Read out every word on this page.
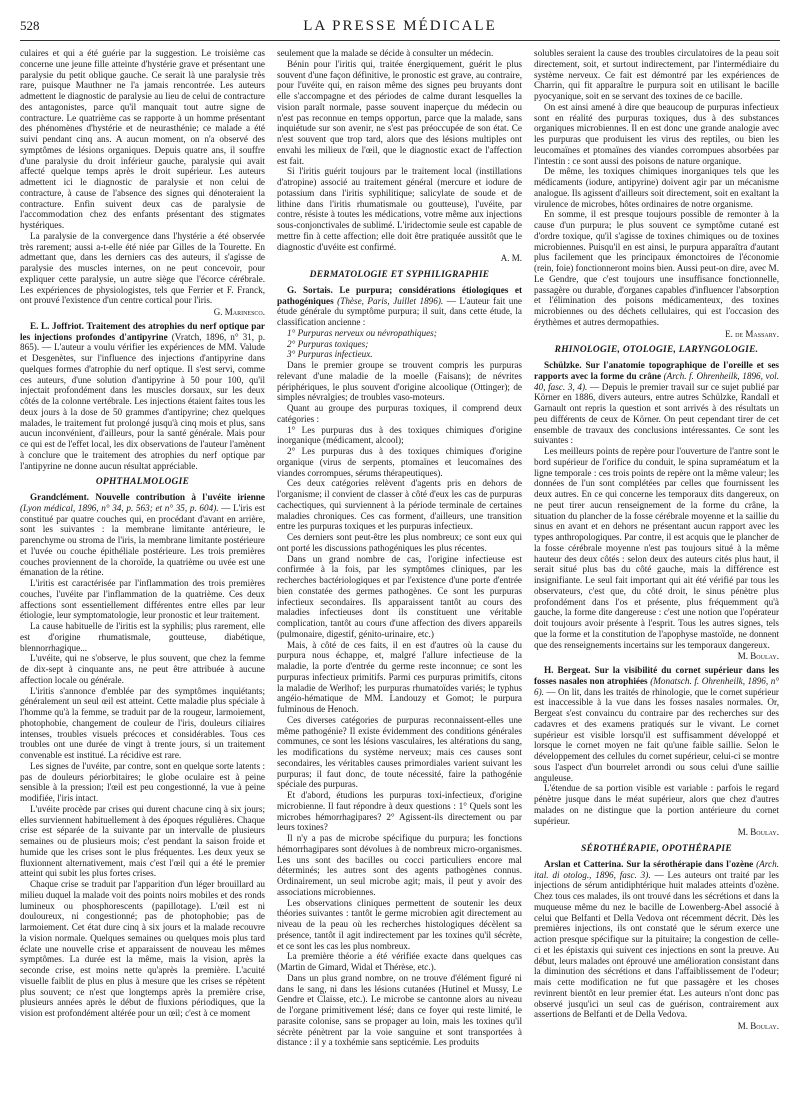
528	LA PRESSE MÉDICALE

culaires et qui a été guérie par la suggestion. Le troisième cas concerne une jeune fille atteinte d'hystérie grave et présentant une paralysie du petit oblique gauche. Ce serait là une paralysie très rare, puisque Mauthner ne l'a jamais rencontrée. Les auteurs admettent le diagnostic de paralysie au lieu de celui de contracture des antagonistes, parce qu'il manquait tout autre signe de contracture. Le quatrième cas se rapporte à un homme présentant des phénomènes d'hystérie et de neurasthénie; ce malade a été suivi pendant cinq ans. A aucun moment, on n'a observé des symptômes de lésions organiques. Depuis quatre ans, il souffre d'une paralysie du droit inférieur gauche, paralysie qui avait affecté quelque temps après le droit supérieur. Les auteurs admettent ici le diagnostic de paralysie et non celui de contracture, à cause de l'absence des signes qui dénoteraient la contracture. Enfin suivent deux cas de paralysie de l'accommodation chez des enfants présentant des stigmates hystériques.

La paralysie de la convergence dans l'hystérie a été observée très rarement; aussi a-t-elle été niée par Gilles de la Tourette. En admettant que, dans les derniers cas des auteurs, il s'agisse de paralysie des muscles internes, on ne peut concevoir, pour expliquer cette paralysie, un autre siège que l'écorce cérébrale. Les expériences de physiologistes, tels que Ferrier et F. Franck, ont prouvé l'existence d'un centre cortical pour l'iris.

G. Marinesco.

E. L. Joffriot. Traitement des atrophies du nerf optique par les injections profondes d'antipyrine (Vratch, 1896, n° 31, p. 865). — L'auteur a voulu vérifier les expériences de MM. Valude et Desgenètes, sur l'influence des injections d'antipyrine dans quelques formes d'atrophie du nerf optique. Il s'est servi, comme ces auteurs, d'une solution d'antipyrine à 50 pour 100, qu'il injectait profondément dans les muscles dorsaux, sur les deux côtés de la colonne vertébrale. Les injections étaient faites tous les deux jours à la dose de 50 grammes d'antipyrine; chez quelques malades, le traitement fut prolongé jusqu'à cinq mois et plus, sans aucun inconvénient, d'ailleurs, pour la santé générale. Mais pour ce qui est de l'effet local, les dix observations de l'auteur l'amènent à conclure que le traitement des atrophies du nerf optique par l'antipyrine ne donne aucun résultat appréciable.

OPHTHALMOLOGIE

Grandclément. Nouvelle contribution à l'uvéite irienne (Lyon médical, 1896, n° 34, p. 563; et n° 35, p. 604). — L'iris est constitué par quatre couches qui, en procédant d'avant en arrière, sont les suivantes : la membrane limitante antérieure, le parenchyme ou stroma de l'iris, la membrane limitante postérieure et l'uvée ou couche épithéliale postérieure. Les trois premières couches proviennent de la choroïde, la quatrième ou uvée est une émanation de la rétine.

L'iritis est caractérisée par l'inflammation des trois premières couches, l'uvéite par l'inflammation de la quatrième. Ces deux affections sont essentiellement différentes entre elles par leur étiologie, leur symptomatologie, leur pronostic et leur traitement.

La cause habituelle de l'iritis est la syphilis; plus rarement, elle est d'origine rhumatismale, goutteuse, diabétique, blennorrhagique...

L'uvéite, qui ne s'observe, le plus souvent, que chez la femme de dix-sept à cinquante ans, ne peut être attribuée à aucune affection locale ou générale.

L'iritis s'annonce d'emblée par des symptômes inquiétants; généralement un seul œil est atteint. Cette maladie plus spéciale à l'homme qu'à la femme, se traduit par de la rougeur, larmoiement, photophobie, changement de couleur de l'iris, douleurs ciliaires intenses, troubles visuels précoces et considérables. Tous ces troubles ont une durée de vingt à trente jours, si un traitement convenable est institué. La récidive est rare.

Les signes de l'uvéite, par contre, sont en quelque sorte latents : pas de douleurs périorbitaires; le globe oculaire est à peine sensible à la pression; l'œil est peu congestionné, la vue à peine modifiée, l'iris intact.

L'uvéite procède par crises qui durent chacune cinq à six jours; elles surviennent habituellement à des époques régulières. Chaque crise est séparée de la suivante par un intervalle de plusieurs semaines ou de plusieurs mois; c'est pendant la saison froide et humide que les crises sont le plus fréquentes. Les deux yeux se fluxionnent alternativement, mais c'est l'œil qui a été le premier atteint qui subit les plus fortes crises.

Chaque crise se traduit par l'apparition d'un léger brouillard au milieu duquel la malade voit des points noirs mobiles et des ronds lumineux ou phosphorescents (papillotage). L'œil est ni douloureux, ni congestionné; pas de photophobie; pas de larmoiement. Cet état dure cinq à six jours et la malade recouvre la vision normale. Quelques semaines ou quelques mois plus tard éclate une nouvelle crise et apparaissent de nouveau les mêmes symptômes. La durée est la même, mais la vision, après la seconde crise, est moins nette qu'après la première. L'acuité visuelle faiblit de plus en plus à mesure que les crises se répètent plus souvent; ce n'est que longtemps après la première crise, plusieurs années après le début de fluxions périodiques, que la vision est profondément altérée pour un œil; c'est à ce moment

seulement que la malade se décide à consulter un médecin.

Bénin pour l'iritis qui, traitée énergiquement, guérit le plus souvent d'une façon définitive, le pronostic est grave, au contraire, pour l'uvéite qui, en raison même des signes peu bruyants dont elle s'accompagne et des périodes de calme durant lesquelles la vision paraît normale, passe souvent inaperçue du médecin ou n'est pas reconnue en temps opportun, parce que la malade, sans inquiétude sur son avenir, ne s'est pas préoccupée de son état. Ce n'est souvent que trop tard, alors que des lésions multiples ont envahi les milieux de l'œil, que le diagnostic exact de l'affection est fait.

Si l'iritis guérit toujours par le traitement local (instillations d'atropine) associé au traitement général (mercure et iodure de potassium dans l'iritis syphilitique; salicylate de soude et de lithine dans l'iritis rhumatismale ou goutteuse), l'uvéite, par contre, résiste à toutes les médications, votre même aux injections sous-conjonctivales de sublimé. L'iridectomie seule est capable de mettre fin à cette affection; elle doit être pratiquée aussitôt que le diagnostic d'uvéite est confirmé.

A. M.
DERMATOLOGIE ET SYPHILIGRAPHIE

G. Sortais. Le purpura; considérations étiologiques et pathogéniques (Thèse, Paris, Juillet 1896). — L'auteur fait une étude générale du symptôme purpura; il suit, dans cette étude, la classification ancienne :

1° Purpuras nerveux ou névropathiques;

2° Purpuras toxiques;

3° Purpuras infectieux.

Dans le premier groupe se trouvent compris les purpuras relevant d'une maladie de la moelle (Faisans); de névrites périphériques, le plus souvent d'origine alcoolique (Ottinger); de simples névralgies; de troubles vaso-moteurs.

Quant au groupe des purpuras toxiques, il comprend deux catégories :

1° Les purpuras dus à des toxiques chimiques d'origine inorganique (médicament, alcool);

2° Les purpuras dus à des toxiques chimiques d'origine organique (virus de serpents, ptomaïnes et leucomaïnes des viandes corrompues, sérums thérapeutiques).

Ces deux catégories relèvent d'agents pris en dehors de l'organisme; il convient de classer à côté d'eux les cas de purpuras cachectiques, qui surviennent à la période terminale de certaines maladies chroniques. Ces cas forment, d'ailleurs, une transition entre les purpuras toxiques et les purpuras infectieux.

Ces derniers sont peut-être les plus nombreux; ce sont eux qui ont porté les discussions pathogéniques les plus récentes.

Dans un grand nombre de cas, l'origine infectieuse est confirmée à la fois, par les symptômes cliniques, par les recherches bactériologiques et par l'existence d'une porte d'entrée bien constatée des germes pathogènes. Ce sont les purpuras infectieux secondaires. Ils apparaissent tantôt au cours des maladies infectieuses dont ils constituent une véritable complication, tantôt au cours d'une affection des divers appareils (pulmonaire, digestif, génito-urinaire, etc.)

Mais, à côté de ces faits, il en est d'autres où la cause du purpura nous échappe, et, malgré l'allure infectieuse de la maladie, la porte d'entrée du germe reste inconnue; ce sont les purpuras infectieux primitifs. Parmi ces purpuras primitifs, citons la maladie de Werlhof; les purpuras rhumatoïdes variés; le typhus angéio-hématique de MM. Landouzy et Gomot; le purpura fulminous de Henoch.

Ces diverses catégories de purpuras reconnaissent-elles une même pathogénie? Il existe évidemment des conditions générales communes, ce sont les lésions vasculaires, les altérations du sang, les modifications du système nerveux; mais ces causes sont secondaires, les véritables causes primordiales varient suivant les purpuras; il faut donc, de toute nécessité, faire la pathogénie spéciale des purpuras.

Et d'abord, étudions les purpuras toxi-infectieux, d'origine microbienne. Il faut répondre à deux questions : 1° Quels sont les microbes hémorrhagipares? 2° Agissent-ils directement ou par leurs toxines?

Il n'y a pas de microbe spécifique du purpura; les fonctions hémorrhagipares sont dévolues à de nombreux micro-organismes. Les uns sont des bacilles ou cocci particuliers encore mal déterminés; les autres sont des agents pathogènes connus. Ordinairement, un seul microbe agit; mais, il peut y avoir des associations microbiennes.

Les observations cliniques permettent de soutenir les deux théories suivantes : tantôt le germe microbien agit directement au niveau de la peau où les recherches histologiques décèlent sa présence, tantôt il agit indirectement par les toxines qu'il sécrète, et ce sont les cas les plus nombreux.

La première théorie a été vérifiée exacte dans quelques cas (Martin de Gimard, Widal et Thérèse, etc.).

Dans un plus grand nombre, on ne trouve d'élément figuré ni dans le sang, ni dans les lésions cutanées (Hutinel et Mussy, Le Gendre et Claisse, etc.). Le microbe se cantonne alors au niveau de l'organe primitivement lésé; dans ce foyer qui reste limité, le parasite colonise, sans se propager au loin, mais les toxines qu'il sécrète pénètrent par la voie sanguine et sont transportées à distance : il y a toxhémie sans septicémie. Les produits

solubles seraient la cause des troubles circulatoires de la peau soit directement, soit, et surtout indirectement, par l'intermédiaire du système nerveux. Ce fait est démontré par les expériences de Charrin, qui fit apparaître le purpura soit en utilisant le bacille pyocyanique, soit en se servant des toxines de ce bacille.

On est ainsi amené à dire que beaucoup de purpuras infectieux sont en réalité des purpuras toxiques, dus à des substances organiques microbiennes. Il en est donc une grande analogie avec les purpuras que produisent les virus des reptiles, ou bien les leucomaïnes et ptomaïnes des viandes corrompues absorbées par l'intestin : ce sont aussi des poisons de nature organique.

De même, les toxiques chimiques inorganiques tels que les médicaments (iodure, antipyrine) doivent agir par un mécanisme analogue. Ils agissent d'ailleurs soit directement, soit en exaltant la virulence de microbes, hôtes ordinaires de notre organisme.

En somme, il est presque toujours possible de remonter à la cause d'un purpura; le plus souvent ce symptôme cutané est d'ordre toxique, qu'il s'agisse de toxines chimiques ou de toxines microbiennes. Puisqu'il en est ainsi, le purpura apparaîtra d'autant plus facilement que les principaux émonctoires de l'économie (rein, foie) fonctionneront moins bien. Aussi peut-on dire, avec M. Le Gendre, que c'est toujours une insuffisance fonctionnelle, passagère ou durable, d'organes capables d'influencer l'absorption et l'élimination des poisons médicamenteux, des toxines microbiennes ou des déchets cellulaires, qui est l'occasion des érythèmes et autres dermopathies.

E. de Massary.
RHINOLOGIE, OTOLOGIE, LARYNGOLOGIE.

Schülzke. Sur l'anatomie topographique de l'oreille et ses rapports avec la forme du crâne (Arch. f. Ohrenheilk, 1896, vol. 40, fasc. 3, 4). — Depuis le premier travail sur ce sujet publié par Körner en 1886, divers auteurs, entre autres Schülzke, Randall et Garnault ont repris la question et sont arrivés à des résultats un peu différents de ceux de Körner. On peut cependant tirer de cet ensemble de travaux des conclusions intéressantes. Ce sont les suivantes :

Les meilleurs points de repère pour l'ouverture de l'antre sont le bord supérieur de l'orifice du conduit, le spina supraméatum et la ligne temporale : ces trois points de repère ont la même valeur; les données de l'un sont complétées par celles que fournissent les deux autres. En ce qui concerne les temporaux dits dangereux, on ne peut tirer aucun renseignement de la forme du crâne, la situation du plancher de la fosse cérébrale moyenne et la saillie du sinus en avant et en dehors ne présentant aucun rapport avec les types anthropologiques. Par contre, il est acquis que le plancher de la fosse cérébrale moyenne n'est pas toujours situé à la même hauteur des deux côtés : selon deux des auteurs cités plus haut, il serait situé plus bas du côté gauche, mais la différence est insignifiante. Le seul fait important qui ait été vérifié par tous les observateurs, c'est que, du côté droit, le sinus pénètre plus profondément dans l'os et présente, plus fréquemment qu'à gauche, la forme dite dangereuse : c'est une notion que l'opérateur doit toujours avoir présente à l'esprit. Tous les autres signes, tels que la forme et la constitution de l'apophyse mastoïde, ne donnent que des renseignements incertains sur les temporaux dangereux.

M. Boulay.

H. Bergeat. Sur la visibilité du cornet supérieur dans les fosses nasales non atrophiées (Monatsch. f. Ohrenheilk, 1896, n° 6). — On lit, dans les traités de rhinologie, que le cornet supérieur est inaccessible à la vue dans les fosses nasales normales. Or, Bergeat s'est convaincu du contraire par des recherches sur des cadavres et des examens pratiqués sur le vivant. Le cornet supérieur est visible lorsqu'il est suffisamment développé et lorsque le cornet moyen ne fait qu'une faible saillie. Selon le développement des cellules du cornet supérieur, celui-ci se montre sous l'aspect d'un bourrelet arrondi ou sous celui d'une saillie anguleuse.

L'étendue de sa portion visible est variable : parfois le regard pénètre jusque dans le méat supérieur, alors que chez d'autres malades on ne distingue que la portion antérieure du cornet supérieur.

M. Boulay.
SÉROTHÉRAPIE, OPOTHÉRAPIE

Arslan et Catterina. Sur la sérothérapie dans l'ozène (Arch. ital. di otolog., 1896, fasc. 3). — Les auteurs ont traité par les injections de sérum antidiphtérique huit malades atteints d'ozène. Chez tous ces malades, ils ont trouvé dans les sécrétions et dans la muqueuse même du nez le bacille de Lowenberg-Abel associé à celui que Belfanti et Della Vedova ont récemment décrit. Dès les premières injections, ils ont constaté que le sérum exerce une action presque spécifique sur la pituitaire; la congestion de celle-ci et les épistaxis qui suivent ces injections en sont la preuve. Au début, leurs malades ont éprouvé une amélioration consistant dans la diminution des sécrétions et dans l'affaiblissement de l'odeur; mais cette modification ne fut que passagère et les choses revinrent bientôt en leur premier état. Les auteurs n'ont donc pas observé jusqu'ici un seul cas de guérison, contrairement aux assertions de Belfanti et de Della Vedova.

M. Boulay.
